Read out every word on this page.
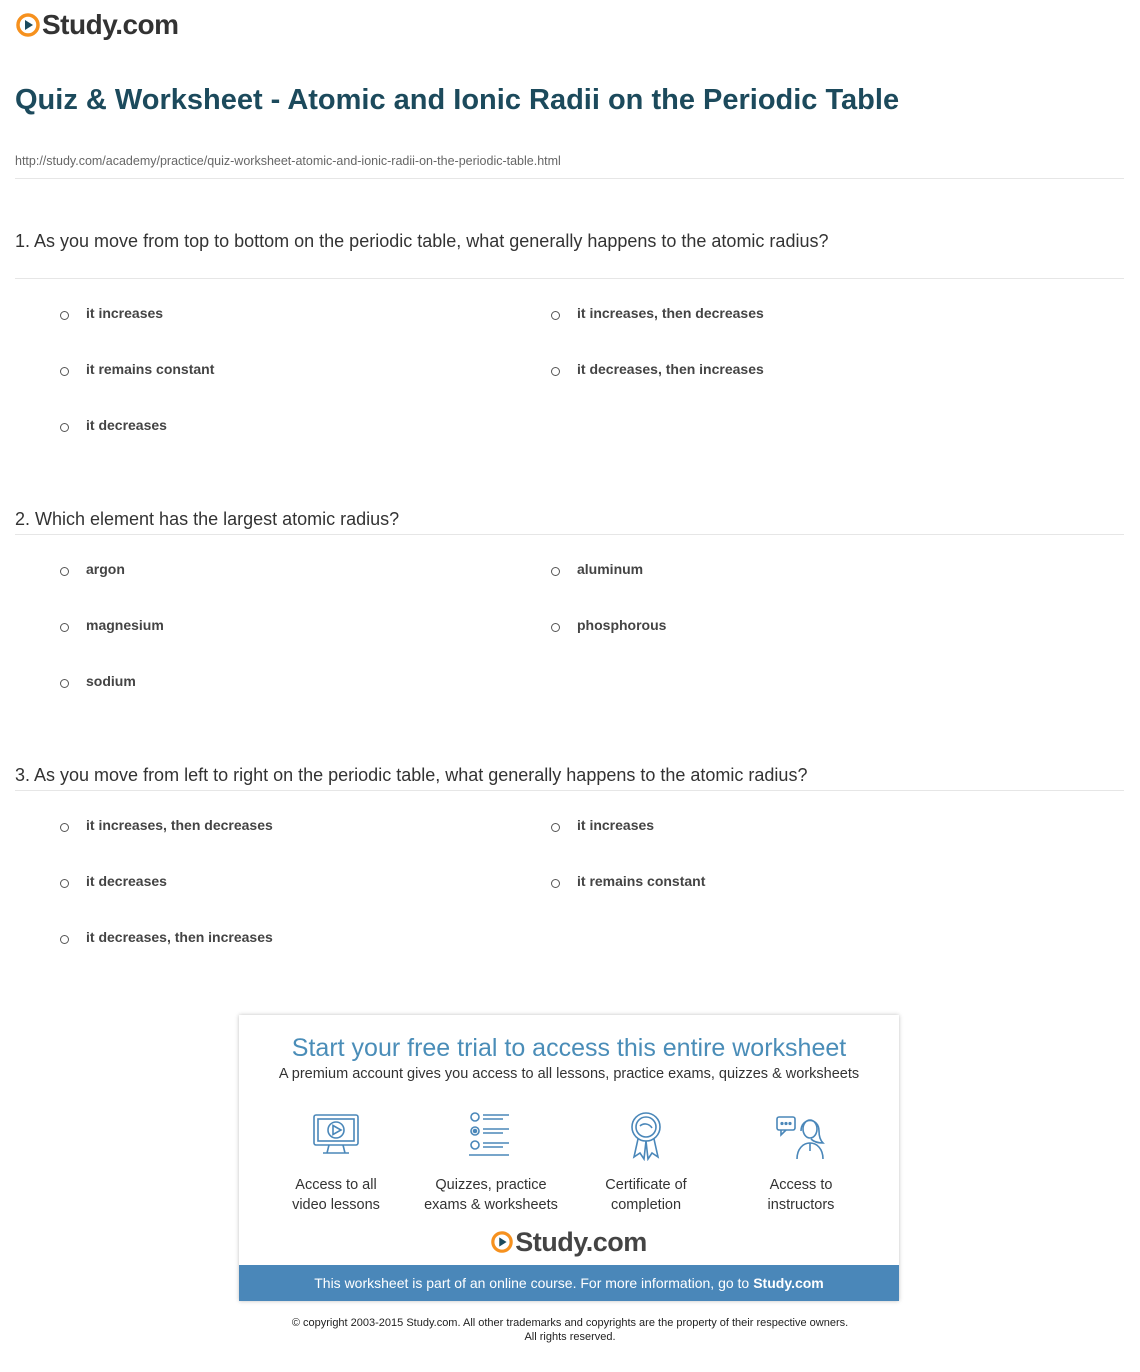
Study.com
Quiz & Worksheet - Atomic and Ionic Radii on the Periodic Table
http://study.com/academy/practice/quiz-worksheet-atomic-and-ionic-radii-on-the-periodic-table.html
1. As you move from top to bottom on the periodic table, what generally happens to the atomic radius?
it increases	it increases, then decreases
it remains constant	it decreases, then increases
it decreases
2. Which element has the largest atomic radius?
argon	aluminum
magnesium	phosphorous
sodium
3. As you move from left to right on the periodic table, what generally happens to the atomic radius?
it increases, then decreases	it increases
it decreases	it remains constant
it decreases, then increases
Start your free trial to access this entire worksheet
A premium account gives you access to all lessons, practice exams, quizzes & worksheets
Access to all
video lessons
Quizzes, practice
exams & worksheets
Certificate of
completion
Access to
instructors
Study.com
This worksheet is part of an online course. For more information, go to Study.com
© copyright 2003-2015 Study.com. All other trademarks and copyrights are the property of their respective owners.
All rights reserved.
